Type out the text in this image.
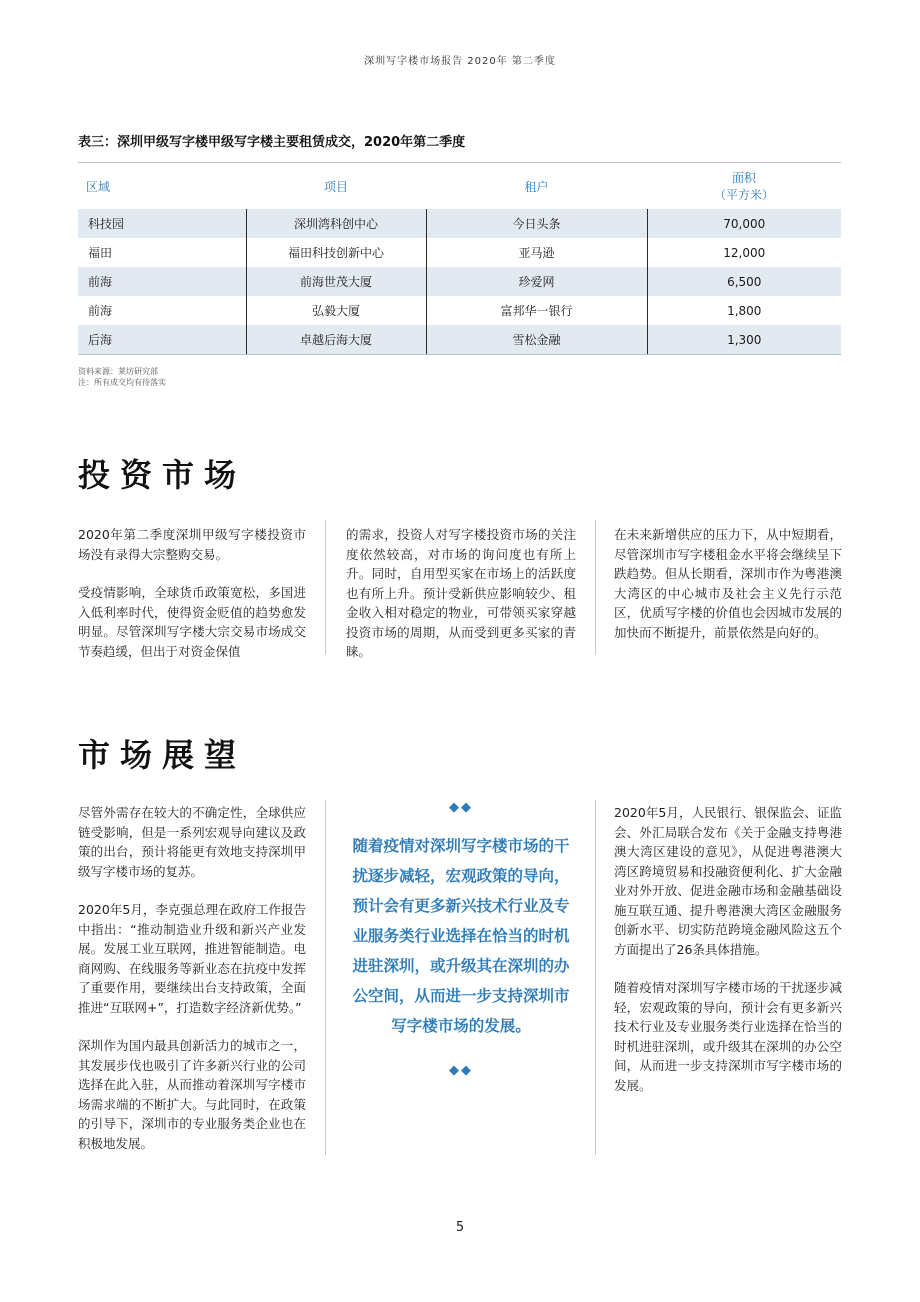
深圳写字楼市场报告 2020年 第二季度
表三：深圳甲级写字楼甲级写字楼主要租赁成交，2020年第二季度
区域	项目	租户	面积
（平方米）
科技园	深圳湾科创中心	今日头条	70,000
福田	福田科技创新中心	亚马逊	12,000
前海	前海世茂大厦	珍爱网	6,500
前海	弘毅大厦	富邦华一银行	1,800
后海	卓越后海大厦	雪松金融	1,300
资料来源：莱坊研究部
注：所有成交均有待落实
投资市场

2020年第二季度深圳甲级写字楼投资市场没有录得大宗整购交易。

受疫情影响，全球货币政策宽松，多国进入低利率时代，使得资金贬值的趋势愈发明显。尽管深圳写字楼大宗交易市场成交节奏趋缓，但出于对资金保值

的需求，投资人对写字楼投资市场的关注度依然较高，对市场的询问度也有所上升。同时，自用型买家在市场上的活跃度也有所上升。预计受新供应影响较少、租金收入相对稳定的物业，可带领买家穿越投资市场的周期，从而受到更多买家的青睐。

在未来新增供应的压力下，从中短期看，尽管深圳市写字楼租金水平将会继续呈下跌趋势。但从长期看，深圳市作为粤港澳大湾区的中心城市及社会主义先行示范区，优质写字楼的价值也会因城市发展的加快而不断提升，前景依然是向好的。

市场展望

尽管外需存在较大的不确定性，全球供应链受影响，但是一系列宏观导向建议及政策的出台，预计将能更有效地支持深圳甲级写字楼市场的复苏。

2020年5月，李克强总理在政府工作报告中指出：“推动制造业升级和新兴产业发展。发展工业互联网，推进智能制造。电商网购、在线服务等新业态在抗疫中发挥了重要作用，要继续出台支持政策，全面推进“互联网+”，打造数字经济新优势。”

深圳作为国内最具创新活力的城市之一，其发展步伐也吸引了许多新兴行业的公司选择在此入驻，从而推动着深圳写字楼市场需求端的不断扩大。与此同时，在政策的引导下，深圳市的专业服务类企业也在积极地发展。

◆◆
随着疫情对深圳写字楼市场的干扰逐步减轻，宏观政策的导向，预计会有更多新兴技术行业及专业服务类行业选择在恰当的时机进驻深圳，或升级其在深圳的办公空间，从而进一步支持深圳市写字楼市场的发展。
◆◆

2020年5月，人民银行、银保监会、证监会、外汇局联合发布《关于金融支持粤港澳大湾区建设的意见》，从促进粤港澳大湾区跨境贸易和投融资便利化、扩大金融业对外开放、促进金融市场和金融基础设施互联互通、提升粤港澳大湾区金融服务创新水平、切实防范跨境金融风险这五个方面提出了26条具体措施。

随着疫情对深圳写字楼市场的干扰逐步减轻，宏观政策的导向，预计会有更多新兴技术行业及专业服务类行业选择在恰当的时机进驻深圳，或升级其在深圳的办公空间，从而进一步支持深圳市写字楼市场的发展。

5
